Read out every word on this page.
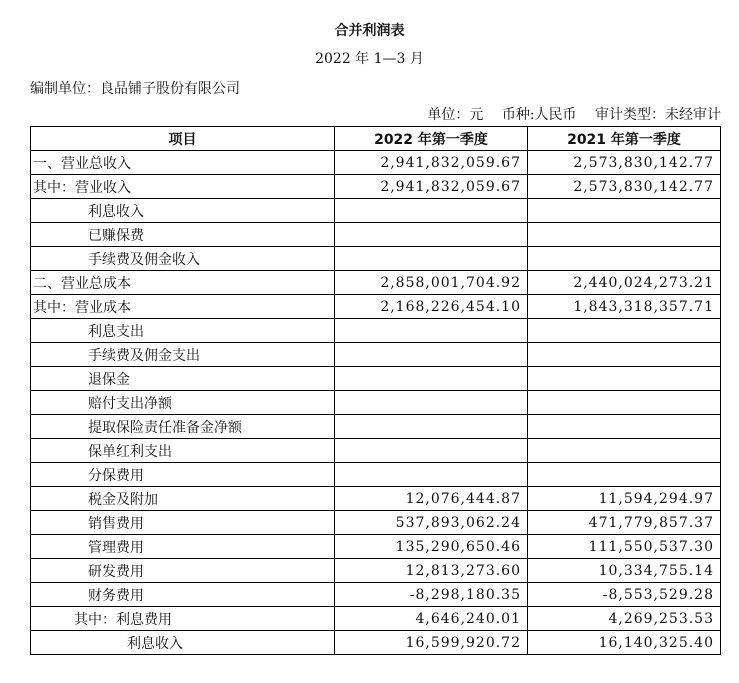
合并利润表
2022 年 1—3 月
编制单位：良品铺子股份有限公司
单位：元 币种:人民币 审计类型：未经审计
项目	2022 年第一季度	2021 年第一季度
一、营业总收入	2,941,832,059.67	2,573,830,142.77
其中：营业收入	2,941,832,059.67	2,573,830,142.77
利息收入		
已赚保费		
手续费及佣金收入		
二、营业总成本	2,858,001,704.92	2,440,024,273.21
其中：营业成本	2,168,226,454.10	1,843,318,357.71
利息支出		
手续费及佣金支出		
退保金		
赔付支出净额		
提取保险责任准备金净额		
保单红利支出		
分保费用		
税金及附加	12,076,444.87	11,594,294.97
销售费用	537,893,062.24	471,779,857.37
管理费用	135,290,650.46	111,550,537.30
研发费用	12,813,273.60	10,334,755.14
财务费用	-8,298,180.35	-8,553,529.28
其中：利息费用	4,646,240.01	4,269,253.53
利息收入	16,599,920.72	16,140,325.40
